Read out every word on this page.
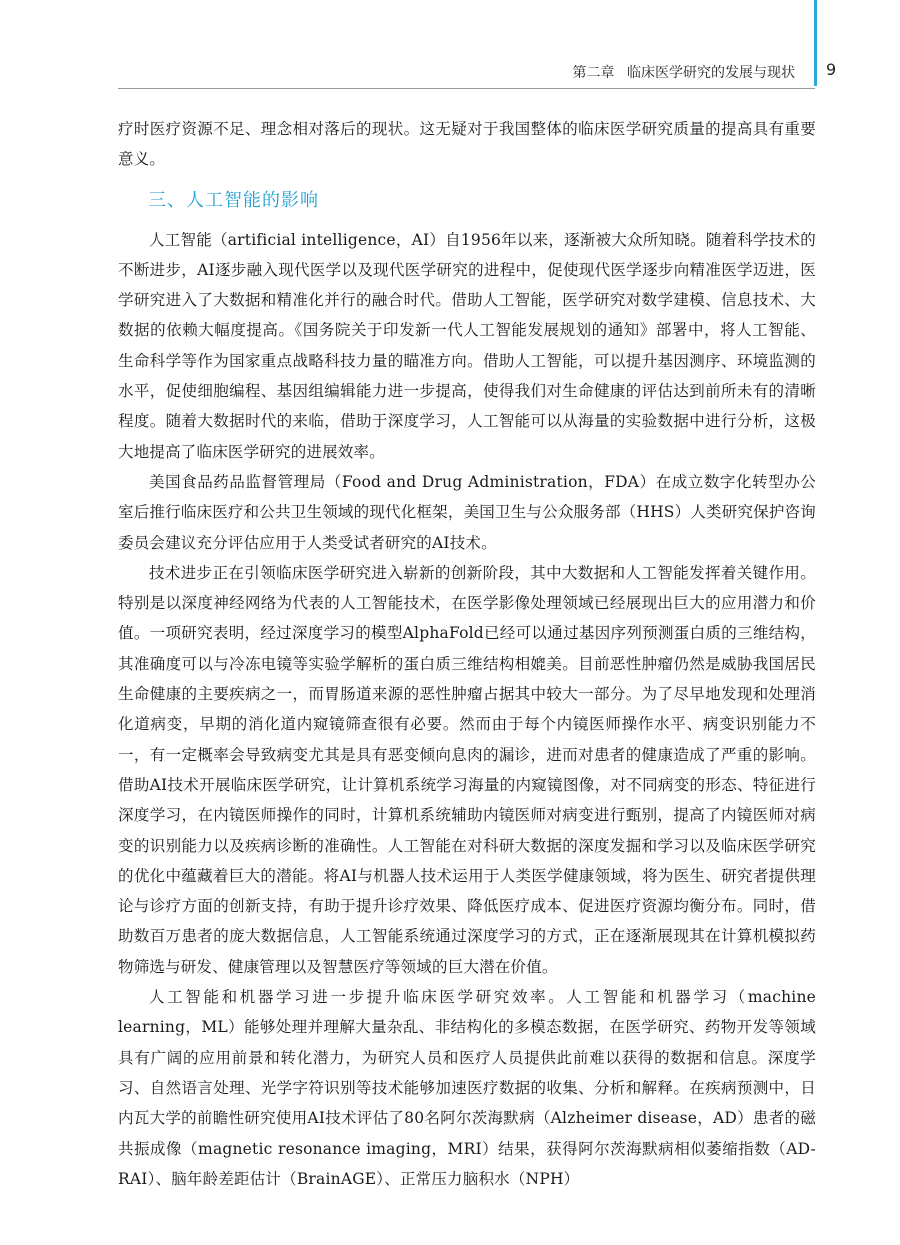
第二章 临床医学研究的发展与现状 9

疗时医疗资源不足、理念相对落后的现状。这无疑对于我国整体的临床医学研究质量的提高具有重要意义。

三、人工智能的影响

人工智能（artificial intelligence，AI）自1956年以来，逐渐被大众所知晓。随着科学技术的不断进步，AI逐步融入现代医学以及现代医学研究的进程中，促使现代医学逐步向精准医学迈进，医学研究进入了大数据和精准化并行的融合时代。借助人工智能，医学研究对数学建模、信息技术、大数据的依赖大幅度提高。《国务院关于印发新一代人工智能发展规划的通知》部署中，将人工智能、生命科学等作为国家重点战略科技力量的瞄准方向。借助人工智能，可以提升基因测序、环境监测的水平，促使细胞编程、基因组编辑能力进一步提高，使得我们对生命健康的评估达到前所未有的清晰程度。随着大数据时代的来临，借助于深度学习，人工智能可以从海量的实验数据中进行分析，这极大地提高了临床医学研究的进展效率。

美国食品药品监督管理局（Food and Drug Administration，FDA）在成立数字化转型办公室后推行临床医疗和公共卫生领域的现代化框架，美国卫生与公众服务部（HHS）人类研究保护咨询委员会建议充分评估应用于人类受试者研究的AI技术。

技术进步正在引领临床医学研究进入崭新的创新阶段，其中大数据和人工智能发挥着关键作用。特别是以深度神经网络为代表的人工智能技术，在医学影像处理领域已经展现出巨大的应用潜力和价值。一项研究表明，经过深度学习的模型AlphaFold已经可以通过基因序列预测蛋白质的三维结构，其准确度可以与冷冻电镜等实验学解析的蛋白质三维结构相媲美。目前恶性肿瘤仍然是威胁我国居民生命健康的主要疾病之一，而胃肠道来源的恶性肿瘤占据其中较大一部分。为了尽早地发现和处理消化道病变，早期的消化道内窥镜筛查很有必要。然而由于每个内镜医师操作水平、病变识别能力不一，有一定概率会导致病变尤其是具有恶变倾向息肉的漏诊，进而对患者的健康造成了严重的影响。借助AI技术开展临床医学研究，让计算机系统学习海量的内窥镜图像，对不同病变的形态、特征进行深度学习，在内镜医师操作的同时，计算机系统辅助内镜医师对病变进行甄别，提高了内镜医师对病变的识别能力以及疾病诊断的准确性。人工智能在对科研大数据的深度发掘和学习以及临床医学研究的优化中蕴藏着巨大的潜能。将AI与机器人技术运用于人类医学健康领域，将为医生、研究者提供理论与诊疗方面的创新支持，有助于提升诊疗效果、降低医疗成本、促进医疗资源均衡分布。同时，借助数百万患者的庞大数据信息，人工智能系统通过深度学习的方式，正在逐渐展现其在计算机模拟药物筛选与研发、健康管理以及智慧医疗等领域的巨大潜在价值。

人工智能和机器学习进一步提升临床医学研究效率。人工智能和机器学习（machine learning，ML）能够处理并理解大量杂乱、非结构化的多模态数据，在医学研究、药物开发等领域具有广阔的应用前景和转化潜力，为研究人员和医疗人员提供此前难以获得的数据和信息。深度学习、自然语言处理、光学字符识别等技术能够加速医疗数据的收集、分析和解释。在疾病预测中，日内瓦大学的前瞻性研究使用AI技术评估了80名阿尔茨海默病（Alzheimer disease，AD）患者的磁共振成像（magnetic resonance imaging，MRI）结果，获得阿尔茨海默病相似萎缩指数（AD-RAI）、脑年龄差距估计（BrainAGE）、正常压力脑积水（NPH）
